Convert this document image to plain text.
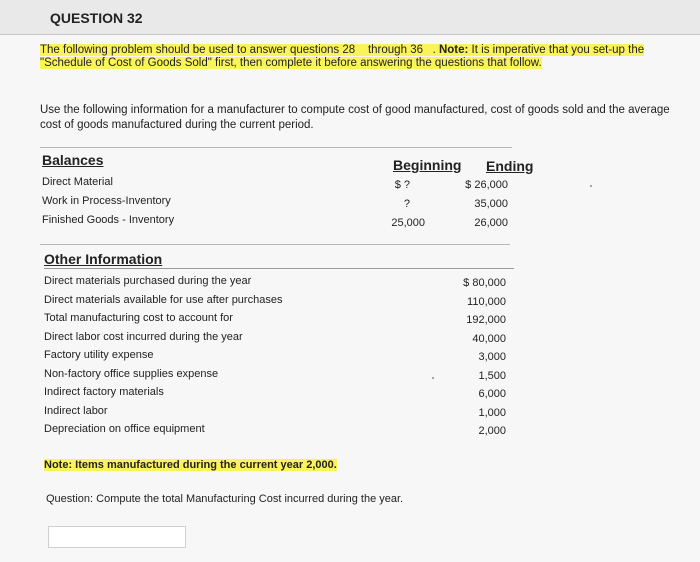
QUESTION 32
The following problem should be used to answer questions 28 through 36 . Note: It is imperative that you set-up the
"Schedule of Cost of Goods Sold" first, then complete it before answering the questions that follow.
Use the following information for a manufacturer to compute cost of good manufactured, cost of goods sold and the average cost of goods manufactured during the current period.
Balances	Beginning Ending
Direct Material	$ ?	$ 26,000
Work in Process-Inventory	?	35,000
Finished Goods - Inventory	25,000	26,000
Other Information
Direct materials purchased during the year	$ 80,000
Direct materials available for use after purchases	110,000
Total manufacturing cost to account for	192,000
Direct labor cost incurred during the year	40,000
Factory utility expense	3,000
Non-factory office supplies expense	1,500
Indirect factory materials	6,000
Indirect labor	1,000
Depreciation on office equipment	2,000
Note: Items manufactured during the current year 2,000.
Question: Compute the total Manufacturing Cost incurred during the year.
